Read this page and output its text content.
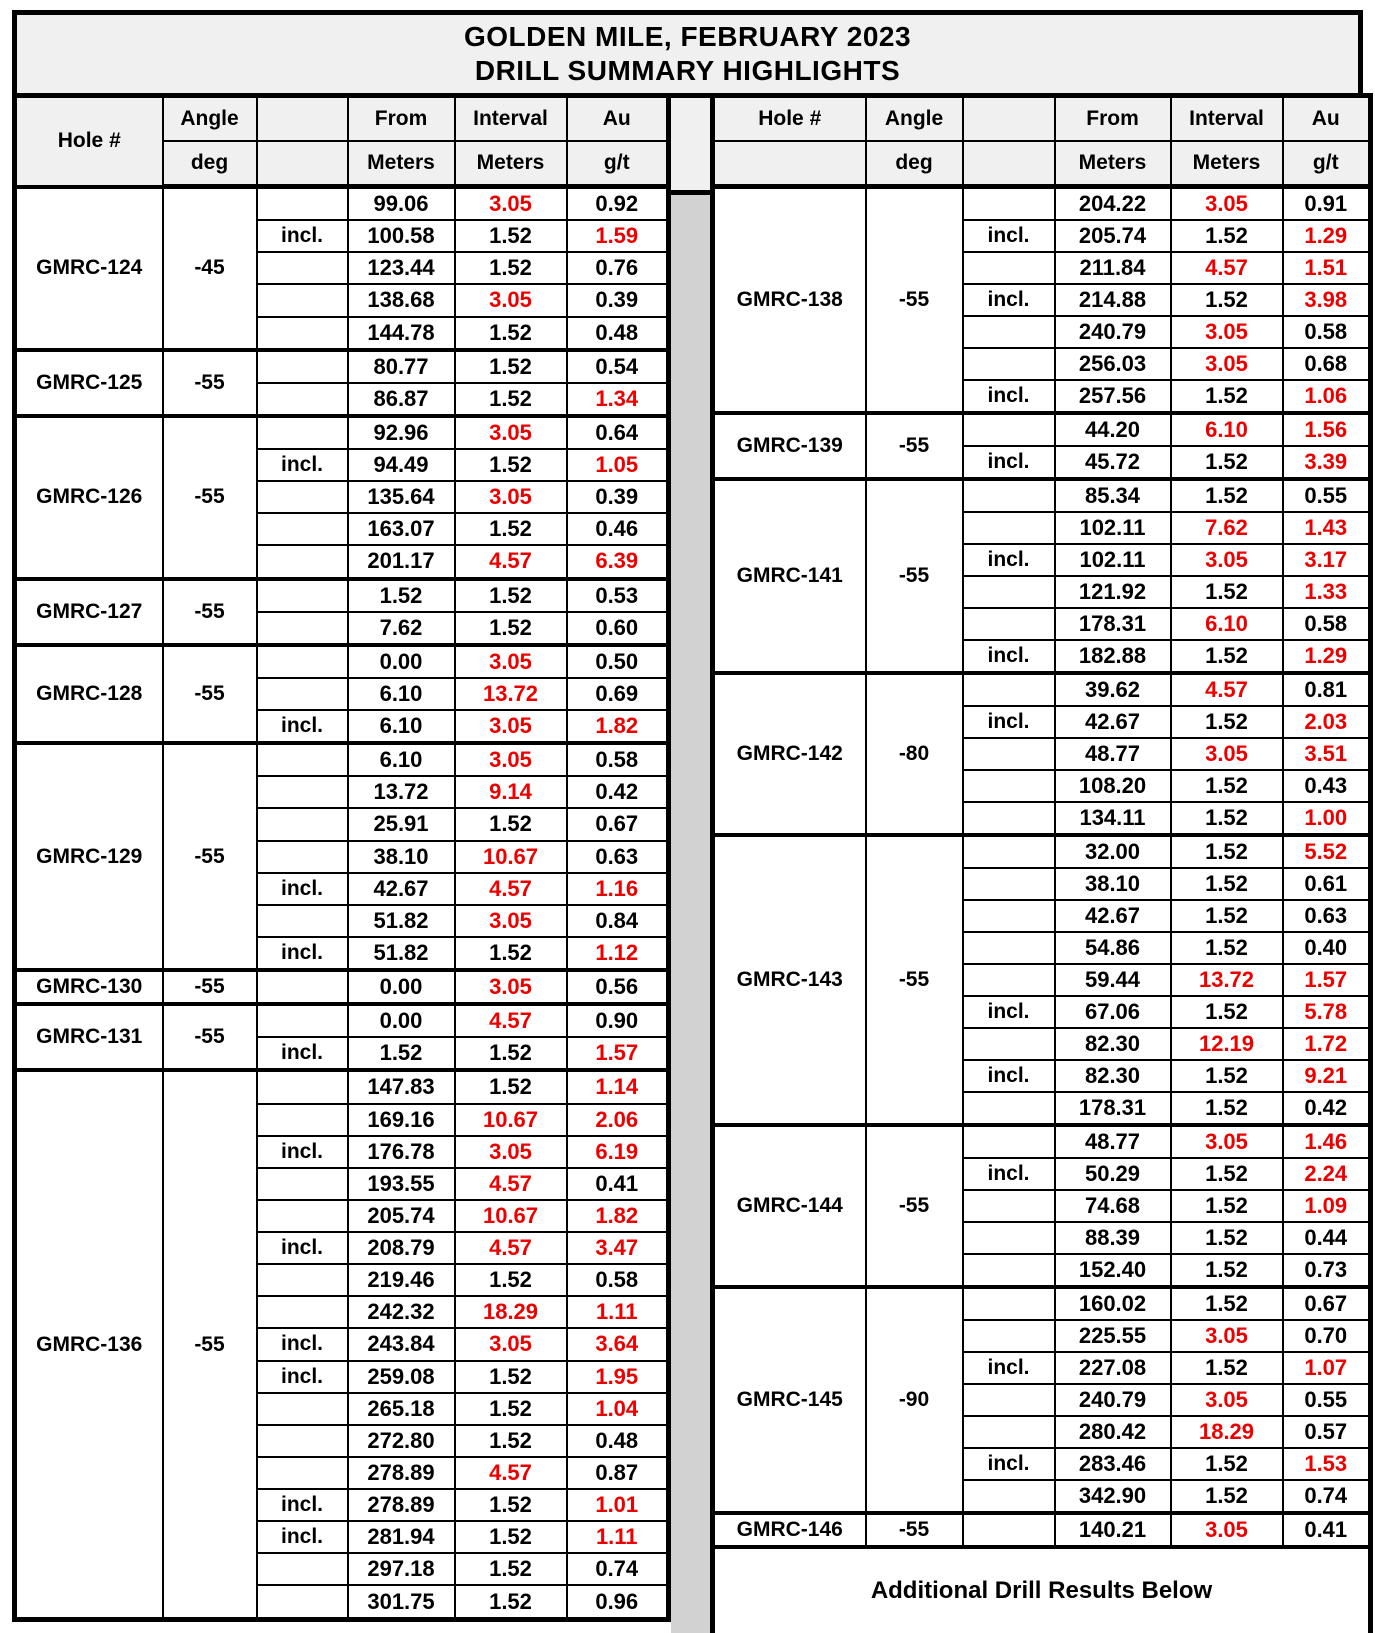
GOLDEN MILE, FEBRUARY 2023
DRILL SUMMARY HIGHLIGHTS
Hole #	Angle		From	Interval	Au
	deg		Meters	Meters	g/t
GMRC-124	-45		99.06	3.05	0.92
		incl.	100.58	1.52	1.59
			123.44	1.52	0.76
			138.68	3.05	0.39
			144.78	1.52	0.48
GMRC-125	-55		80.77	1.52	0.54
			86.87	1.52	1.34
GMRC-126	-55		92.96	3.05	0.64
		incl.	94.49	1.52	1.05
			135.64	3.05	0.39
			163.07	1.52	0.46
			201.17	4.57	6.39
GMRC-127	-55		1.52	1.52	0.53
			7.62	1.52	0.60
GMRC-128	-55		0.00	3.05	0.50
			6.10	13.72	0.69
		incl.	6.10	3.05	1.82
GMRC-129	-55		6.10	3.05	0.58
			13.72	9.14	0.42
			25.91	1.52	0.67
			38.10	10.67	0.63
		incl.	42.67	4.57	1.16
			51.82	3.05	0.84
		incl.	51.82	1.52	1.12
GMRC-130	-55		0.00	3.05	0.56
GMRC-131	-55		0.00	4.57	0.90
		incl.	1.52	1.52	1.57
GMRC-136	-55		147.83	1.52	1.14
			169.16	10.67	2.06
		incl.	176.78	3.05	6.19
			193.55	4.57	0.41
			205.74	10.67	1.82
		incl.	208.79	4.57	3.47
			219.46	1.52	0.58
			242.32	18.29	1.11
		incl.	243.84	3.05	3.64
		incl.	259.08	1.52	1.95
			265.18	1.52	1.04
			272.80	1.52	0.48
			278.89	4.57	0.87
		incl.	278.89	1.52	1.01
		incl.	281.94	1.52	1.11
			297.18	1.52	0.74
			301.75	1.52	0.96
Hole #	Angle		From	Interval	Au
	deg		Meters	Meters	g/t
GMRC-138	-55		204.22	3.05	0.91
		incl.	205.74	1.52	1.29
			211.84	4.57	1.51
		incl.	214.88	1.52	3.98
			240.79	3.05	0.58
			256.03	3.05	0.68
		incl.	257.56	1.52	1.06
GMRC-139	-55		44.20	6.10	1.56
		incl.	45.72	1.52	3.39
GMRC-141	-55		85.34	1.52	0.55
			102.11	7.62	1.43
		incl.	102.11	3.05	3.17
			121.92	1.52	1.33
			178.31	6.10	0.58
		incl.	182.88	1.52	1.29
GMRC-142	-80		39.62	4.57	0.81
		incl.	42.67	1.52	2.03
			48.77	3.05	3.51
			108.20	1.52	0.43
			134.11	1.52	1.00
GMRC-143	-55		32.00	1.52	5.52
			38.10	1.52	0.61
			42.67	1.52	0.63
			54.86	1.52	0.40
			59.44	13.72	1.57
		incl.	67.06	1.52	5.78
			82.30	12.19	1.72
		incl.	82.30	1.52	9.21
			178.31	1.52	0.42
GMRC-144	-55		48.77	3.05	1.46
		incl.	50.29	1.52	2.24
			74.68	1.52	1.09
			88.39	1.52	0.44
			152.40	1.52	0.73
GMRC-145	-90		160.02	1.52	0.67
			225.55	3.05	0.70
		incl.	227.08	1.52	1.07
			240.79	3.05	0.55
			280.42	18.29	0.57
		incl.	283.46	1.52	1.53
			342.90	1.52	0.74
GMRC-146	-55		140.21	3.05	0.41
Additional Drill Results Below					
